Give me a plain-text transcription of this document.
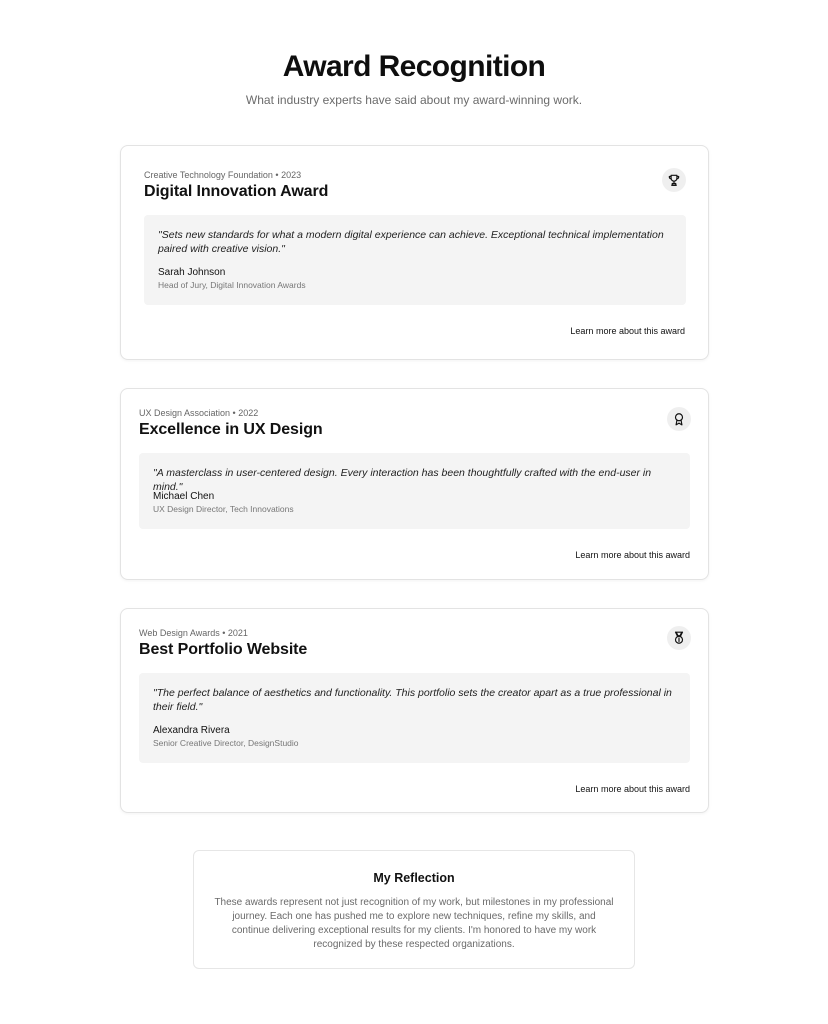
Award Recognition

What industry experts have said about my award-winning work.

Creative Technology Foundation • 2023
Digital Innovation Award
"Sets new standards for what a modern digital experience can achieve. Exceptional technical implementation paired with creative vision."
Sarah Johnson
Head of Jury, Digital Innovation Awards
Learn more about this award
UX Design Association • 2022
Excellence in UX Design
"A masterclass in user-centered design. Every interaction has been thoughtfully crafted with the end-user in mind."
Michael Chen
UX Design Director, Tech Innovations
Learn more about this award
Web Design Awards • 2021
Best Portfolio Website
"The perfect balance of aesthetics and functionality. This portfolio sets the creator apart as a true professional in their field."
Alexandra Rivera
Senior Creative Director, DesignStudio
Learn more about this award
My Reflection

These awards represent not just recognition of my work, but milestones in my professional journey. Each one has pushed me to explore new techniques, refine my skills, and continue delivering exceptional results for my clients. I'm honored to have my work recognized by these respected organizations.
